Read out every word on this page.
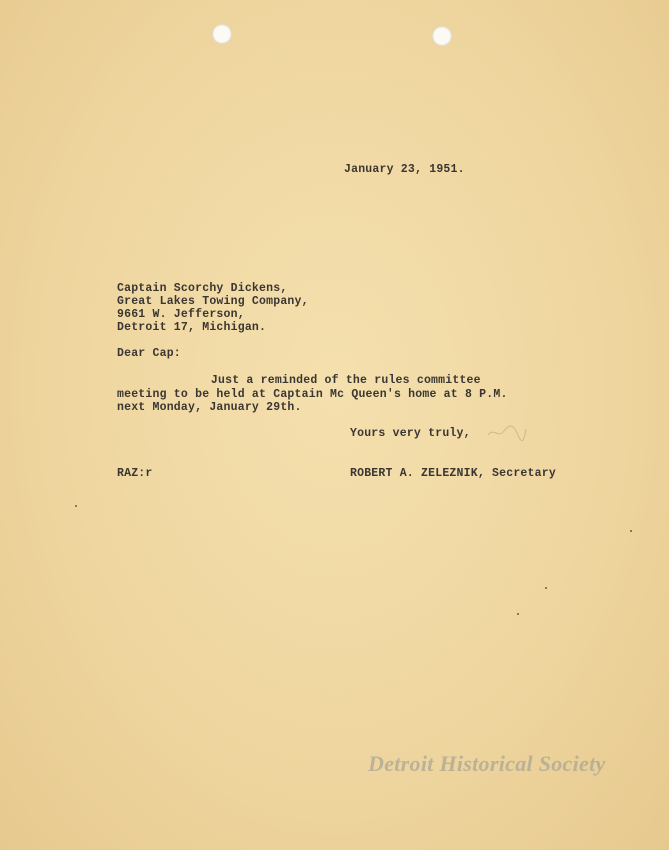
January 23, 1951.
Captain Scorchy Dickens,
Great Lakes Towing Company,
9661 W. Jefferson,
Detroit 17, Michigan.
Dear Cap:
Just a reminded of the rules committee
meeting to be held at Captain Mc Queen's home at 8 P.M.
next Monday, January 29th.
Yours very truly,
RAZ:r	ROBERT A. ZELEZNIK, Secretary
Detroit Historical Society
